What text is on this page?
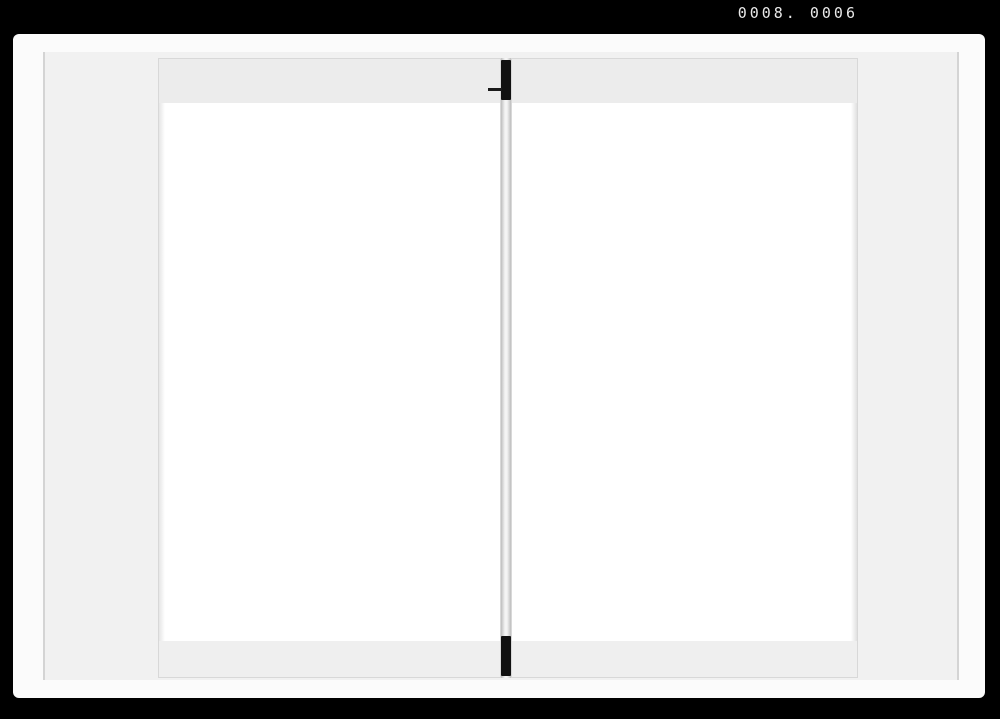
0008. 0006
